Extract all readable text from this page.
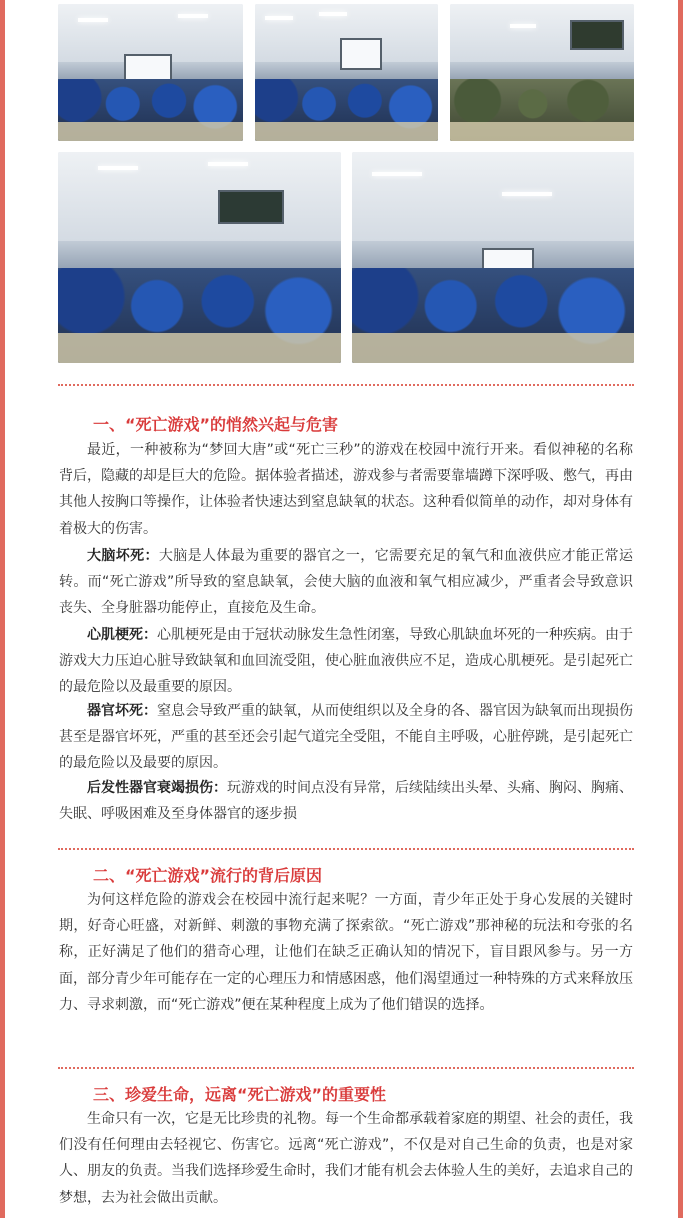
一、“死亡游戏”的悄然兴起与危害
最近，一种被称为“梦回大唐”或“死亡三秒”的游戏在校园中流行开来。看似神秘的名称背后，隐藏的却是巨大的危险。据体验者描述，游戏参与者需要靠墙蹲下深呼吸、憋气，再由其他人按胸口等操作，让体验者快速达到窒息缺氧的状态。这种看似简单的动作，却对身体有着极大的伤害。
大脑坏死：大脑是人体最为重要的器官之一，它需要充足的氧气和血液供应才能正常运转。而“死亡游戏”所导致的窒息缺氧，会使大脑的血液和氧气相应减少，严重者会导致意识丧失、全身脏器功能停止，直接危及生命。
心肌梗死：心肌梗死是由于冠状动脉发生急性闭塞，导致心肌缺血坏死的一种疾病。由于游戏大力压迫心脏导致缺氧和血回流受阻，使心脏血液供应不足，造成心肌梗死。是引起死亡的最危险以及最重要的原因。
器官坏死：窒息会导致严重的缺氧，从而使组织以及全身的各、器官因为缺氧而出现损伤甚至是器官坏死，严重的甚至还会引起气道完全受阻，不能自主呼吸，心脏停跳，是引起死亡的最危险以及最要的原因。
后发性器官衰竭损伤：玩游戏的时间点没有异常，后续陆续出头晕、头痛、胸闷、胸痛、失眠、呼吸困难及至身体器官的逐步损
二、“死亡游戏”流行的背后原因
为何这样危险的游戏会在校园中流行起来呢？一方面，青少年正处于身心发展的关键时期，好奇心旺盛，对新鲜、刺激的事物充满了探索欲。“死亡游戏”那神秘的玩法和夸张的名称，正好满足了他们的猎奇心理，让他们在缺乏正确认知的情况下，盲目跟风参与。另一方面，部分青少年可能存在一定的心理压力和情感困惑，他们渴望通过一种特殊的方式来释放压力、寻求刺激，而“死亡游戏”便在某种程度上成为了他们错误的选择。
三、珍爱生命，远离“死亡游戏”的重要性
生命只有一次，它是无比珍贵的礼物。每一个生命都承载着家庭的期望、社会的责任，我们没有任何理由去轻视它、伤害它。远离“死亡游戏”，不仅是对自己生命的负责，也是对家人、朋友的负责。当我们选择珍爱生命时，我们才能有机会去体验人生的美好，去追求自己的梦想，去为社会做出贡献。
